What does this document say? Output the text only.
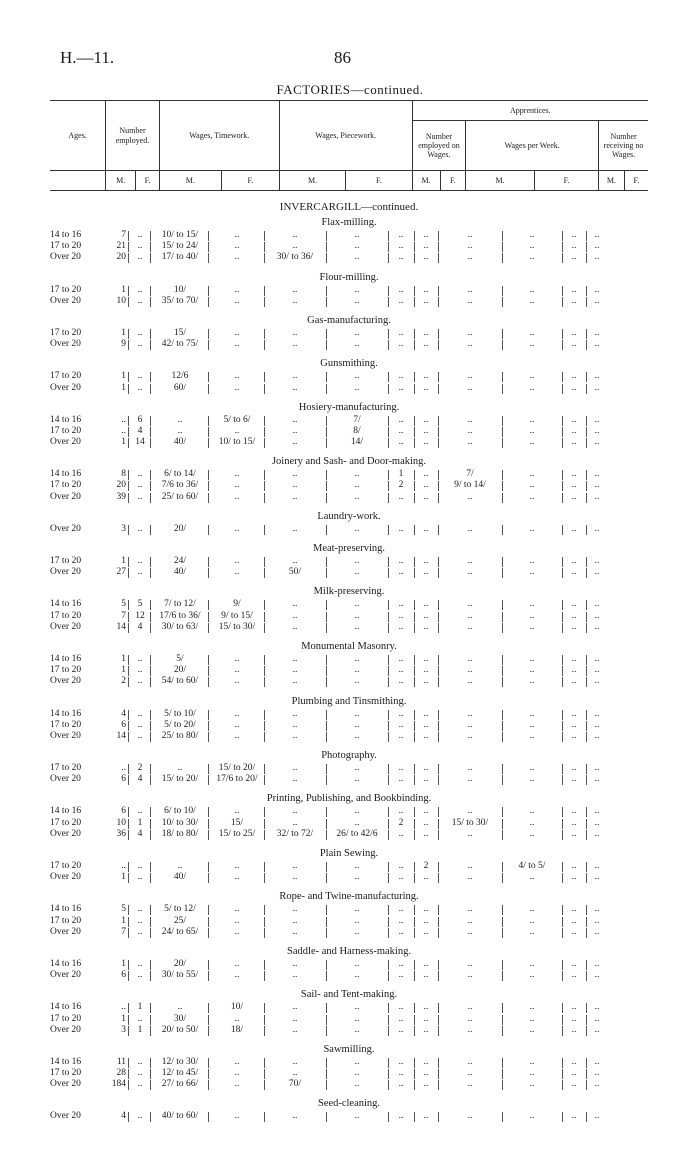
H.—11.	86
FACTORIES—continued.
Ages.	Number employed.		Wages, Timework.		Wages, Piecework.		Apprentices.					
							Number employed on Wages.		Wages per Week.		Number receiving no Wages.	
	M.	F.	M.	F.	M.	F.	M.	F.	M.	F.	M.	F.
INVERCARGILL—continued.
Flax-milling.
14 to 16	7	..	10/ to 15/	..	..	..	..	..	..	..	..	..
17 to 20	21	..	15/ to 24/	..	..	..	..	..	..	..	..	..
Over 20	20	..	17/ to 40/	..	30/ to 36/	..	..	..	..	..	..	..
Flour-milling.
17 to 20	1	..	10/	..	..	..	..	..	..	..	..	..
Over 20	10	..	35/ to 70/	..	..	..	..	..	..	..	..	..
Gas-manufacturing.
17 to 20	1	..	15/	..	..	..	..	..	..	..	..	..
Over 20	9	..	42/ to 75/	..	..	..	..	..	..	..	..	..
Gunsmithing.
17 to 20	1	..	12/6	..	..	..	..	..	..	..	..	..
Over 20	1	..	60/	..	..	..	..	..	..	..	..	..
Hosiery-manufacturing.
14 to 16	..	6	..	5/ to 6/	..	7/	..	..	..	..	..	..
17 to 20	..	4	..	..	..	8/	..	..	..	..	..	..
Over 20	1 14	40/	10/ to 15/	..	14/	..	..	..	..	..	..
Joinery and Sash- and Door-making.
14 to 16	8	..	6/ to 14/	..	..	..	1	..	7/	..	..	..
17 to 20	20	..	7/6 to 36/	..	..	..	2	..	9/ to 14/	..	..	..
Over 20	39	..	25/ to 60/	..	..	..	..	..	..	..	..	..
Laundry-work.
Over 20	3	..	20/	..	..	..	..	..	..	..	..	..
Meat-preserving.
17 to 20	1	..	24/	..	..	..	..	..	..	..	..	..
Over 20	27	..	40/	..	50/	..	..	..	..	..	..	..
Milk-preserving.
14 to 16	5	5	7/ to 12/	9/	..	..	..	..	..	..	..	..
17 to 20	7 12	17/6 to 36/	9/ to 15/	..	..	..	..	..	..	..	..
Over 20	14	4	30/ to 63/	15/ to 30/	..	..	..	..	..	..	..	..
Monumental Masonry.
14 to 16	1	..	5/	..	..	..	..	..	..	..	..	..
17 to 20	1	..	20/	..	..	..	..	..	..	..	..	..
Over 20	2	..	54/ to 60/	..	..	..	..	..	..	..	..	..
Plumbing and Tinsmithing.
14 to 16	4	..	5/ to 10/	..	..	..	..	..	..	..	..	..
17 to 20	6	..	5/ to 20/	..	..	..	..	..	..	..	..	..
Over 20	14	..	25/ to 80/	..	..	..	..	..	..	..	..	..
Photography.
17 to 20	..	2	..	15/ to 20/	..	..	..	..	..	..	..	..
Over 20	6	4	15/ to 20/	17/6 to 20/	..	..	..	..	..	..	..	..
Printing, Publishing, and Bookbinding.
14 to 16	6	..	6/ to 10/	..	..	..	..	..	..	..	..	..
17 to 20	10	1	10/ to 30/	15/	..	..	2	..	15/ to 30/	..	..	..
Over 20	36	4	18/ to 80/	15/ to 25/	32/ to 72/	26/ to 42/6	..	..	..	..	..	..
Plain Sewing.
17 to 20	..	..	..	..	..	..	..	2	..	4/ to 5/	..	..
Over 20	1	..	40/	..	..	..	..	..	..	..	..	..
Rope- and Twine-manufacturing.
14 to 16	5	..	5/ to 12/	..	..	..	..	..	..	..	..	..
17 to 20	1	..	25/	..	..	..	..	..	..	..	..	..
Over 20	7	..	24/ to 65/	..	..	..	..	..	..	..	..	..
Saddle- and Harness-making.
14 to 16	1	..	20/	..	..	..	..	..	..	..	..	..
Over 20	6	..	30/ to 55/	..	..	..	..	..	..	..	..	..
Sail- and Tent-making.
14 to 16	..	1	..	10/	..	..	..	..	..	..	..	..
17 to 20	1	..	30/	..	..	..	..	..	..	..	..	..
Over 20	3	1	20/ to 50/	18/	..	..	..	..	..	..	..	..
Sawmilling.
14 to 16	11	..	12/ to 30/	..	..	..	..	..	..	..	..	..
17 to 20	28	..	12/ to 45/	..	..	..	..	..	..	..	..	..
Over 20	184	..	27/ to 66/	..	70/	..	..	..	..	..	..	..
Seed-cleaning.
Over 20	4	..	40/ to 60/	..	..	..	..	..	..	..	..	..
